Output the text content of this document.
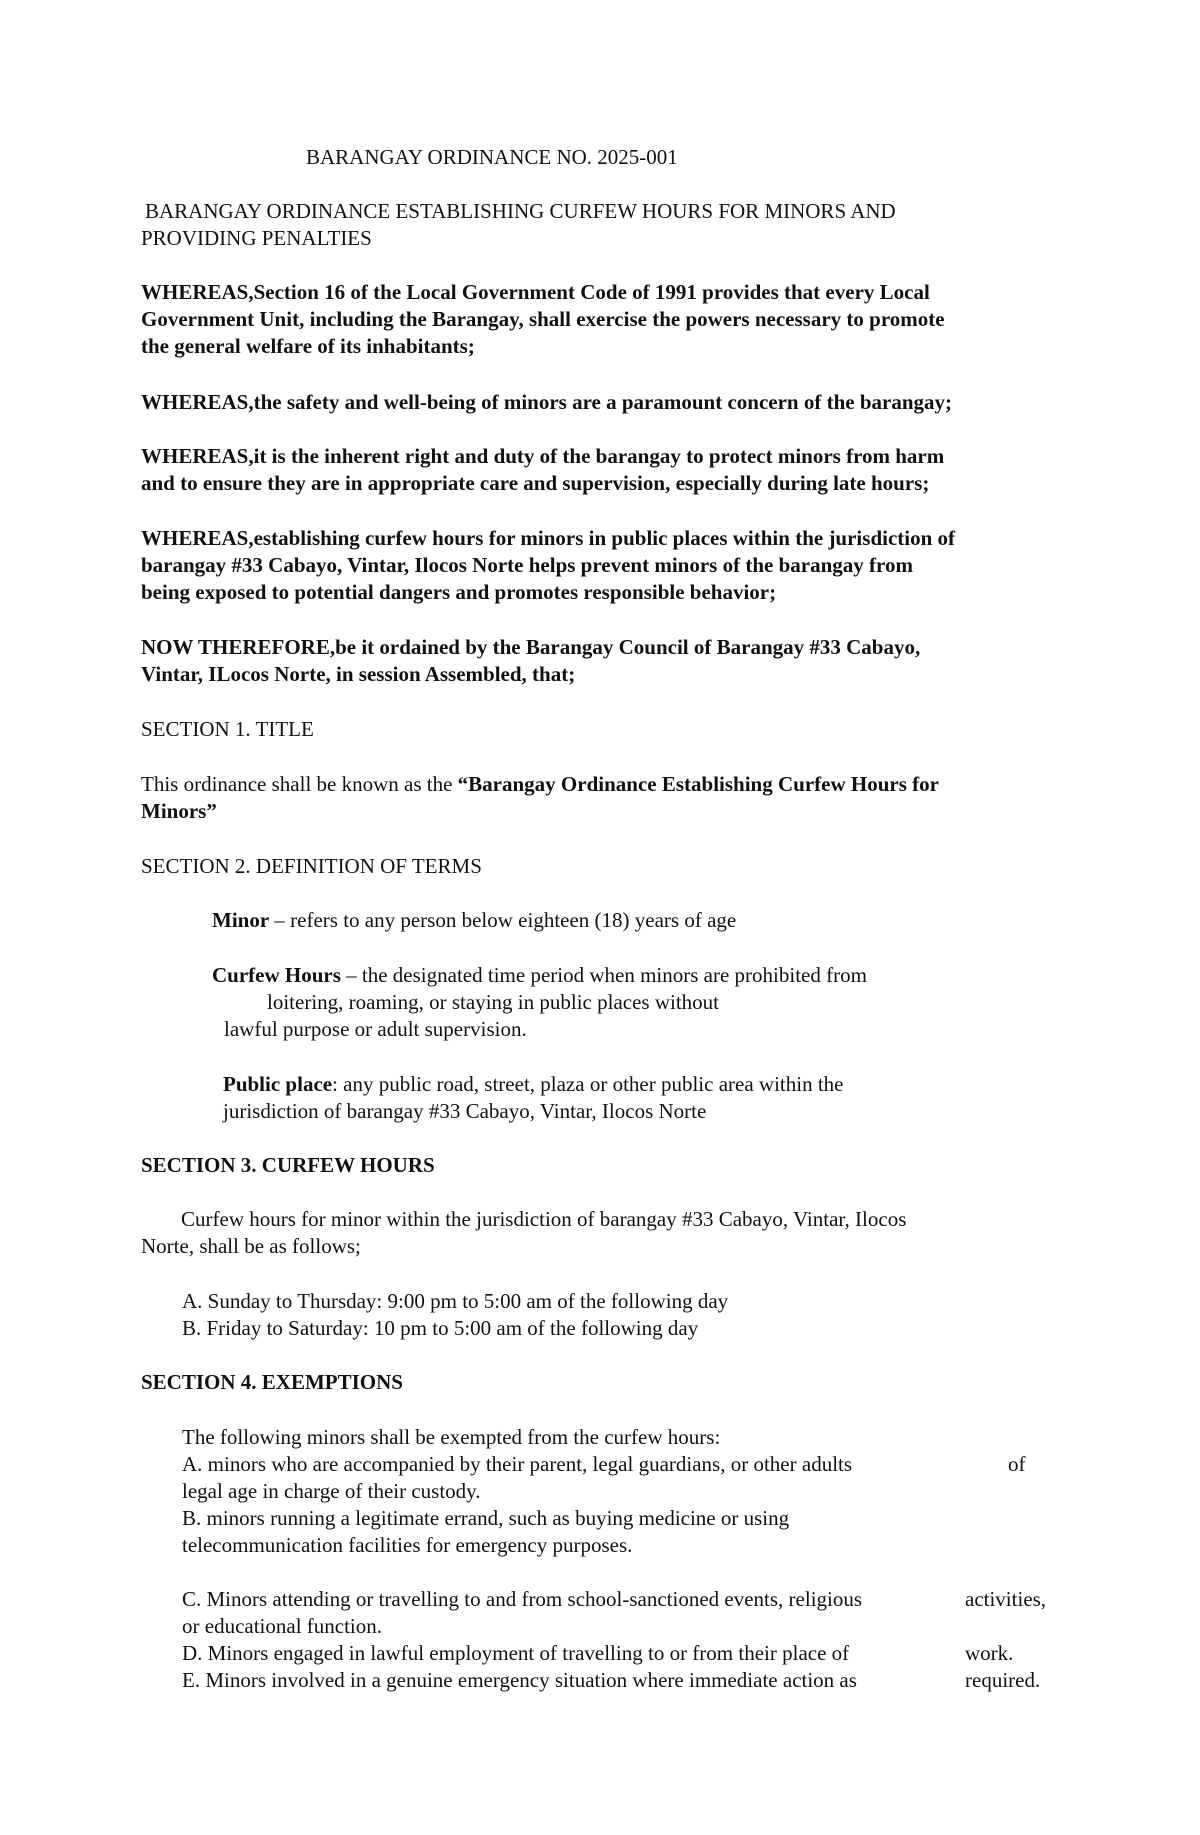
BARANGAY ORDINANCE NO. 2025-001
BARANGAY ORDINANCE ESTABLISHING CURFEW HOURS FOR MINORS AND
PROVIDING PENALTIES
WHEREAS,Section 16 of the Local Government Code of 1991 provides that every Local
Government Unit, including the Barangay, shall exercise the powers necessary to promote
the general welfare of its inhabitants;
WHEREAS,the safety and well-being of minors are a paramount concern of the barangay;
WHEREAS,it is the inherent right and duty of the barangay to protect minors from harm
and to ensure they are in appropriate care and supervision, especially during late hours;
WHEREAS,establishing curfew hours for minors in public places within the jurisdiction of
barangay #33 Cabayo, Vintar, Ilocos Norte helps prevent minors of the barangay from
being exposed to potential dangers and promotes responsible behavior;
NOW THEREFORE,be it ordained by the Barangay Council of Barangay #33 Cabayo,
Vintar, ILocos Norte, in session Assembled, that;
SECTION 1. TITLE
This ordinance shall be known as the “Barangay Ordinance Establishing Curfew Hours for
Minors”
SECTION 2. DEFINITION OF TERMS
Minor – refers to any person below eighteen (18) years of age
Curfew Hours – the designated time period when minors are prohibited from
loitering, roaming, or staying in public places without
lawful purpose or adult supervision.
Public place: any public road, street, plaza or other public area within the
jurisdiction of barangay #33 Cabayo, Vintar, Ilocos Norte
SECTION 3. CURFEW HOURS
Curfew hours for minor within the jurisdiction of barangay #33 Cabayo, Vintar, Ilocos
Norte, shall be as follows;
A. Sunday to Thursday: 9:00 pm to 5:00 am of the following day
B. Friday to Saturday: 10 pm to 5:00 am of the following day
SECTION 4. EXEMPTIONS
The following minors shall be exempted from the curfew hours:
A. minors who are accompanied by their parent, legal guardians, or other adults
legal age in charge of their custody.
B. minors running a legitimate errand, such as buying medicine or using
telecommunication facilities for emergency purposes.

C. Minors attending or travelling to and from school-sanctioned events, religious
or educational function.
D. Minors engaged in lawful employment of travelling to or from their place of
E. Minors involved in a genuine emergency situation where immediate action as
of
activities,
work.
required.
